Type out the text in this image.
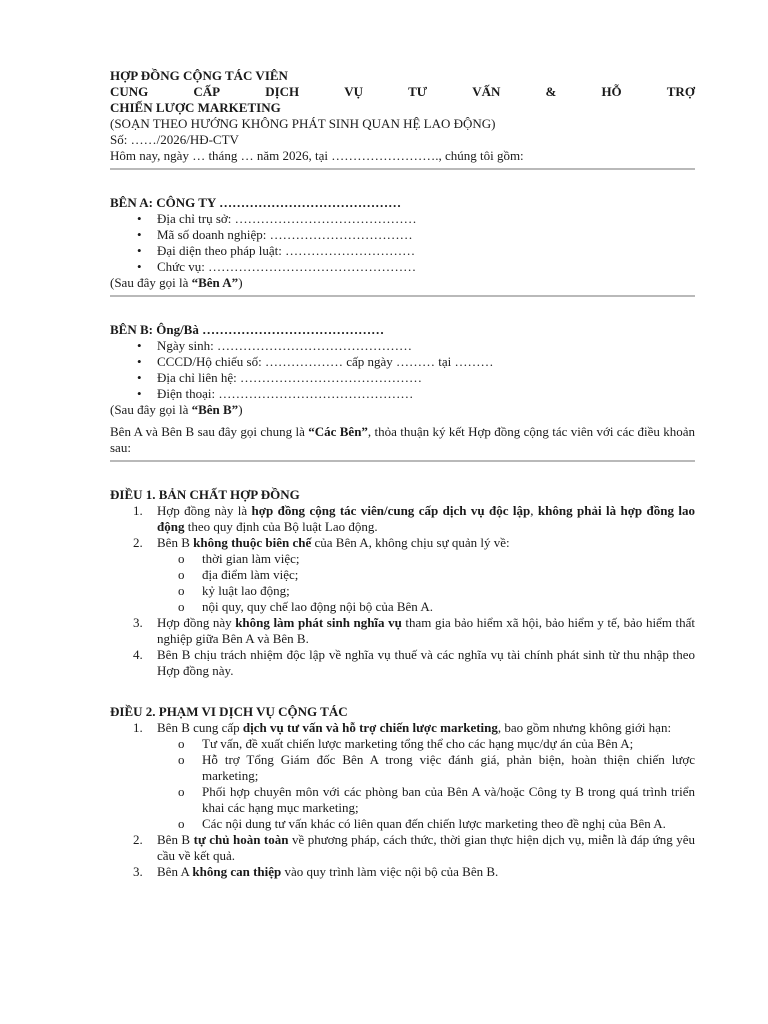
HỢP ĐỒNG CỘNG TÁC VIÊN
CUNG	CẤP	DỊCH	VỤ	TƯ	VẤN	&	HỖ	TRỢ
CHIẾN LƯỢC MARKETING
(SOẠN THEO HƯỚNG KHÔNG PHÁT SINH QUAN HỆ LAO ĐỘNG)
Số: ……/2026/HĐ-CTV
Hôm nay, ngày … tháng … năm 2026, tại ……………………., chúng tôi gồm:
BÊN A: CÔNG TY ……………………………………
• Địa chỉ trụ sở: ……………………………………
• Mã số doanh nghiệp: ……………………………
• Đại diện theo pháp luật: …………………………
• Chức vụ: …………………………………………
(Sau đây gọi là “Bên A”)
BÊN B: Ông/Bà ……………………………………
• Ngày sinh: ………………………………………
• CCCD/Hộ chiếu số: ……………… cấp ngày ……… tại ………
• Địa chỉ liên hệ: ……………………………………
• Điện thoại: ………………………………………
(Sau đây gọi là “Bên B”)
Bên A và Bên B sau đây gọi chung là “Các Bên”, thỏa thuận ký kết Hợp đồng cộng tác viên với các điều khoản sau:
ĐIỀU 1. BẢN CHẤT HỢP ĐỒNG
1. Hợp đồng này là hợp đồng cộng tác viên/cung cấp dịch vụ độc lập, không phải là hợp đồng lao động theo quy định của Bộ luật Lao động.
2. Bên B không thuộc biên chế của Bên A, không chịu sự quản lý về:
o thời gian làm việc;
o địa điểm làm việc;
o kỷ luật lao động;
o nội quy, quy chế lao động nội bộ của Bên A.
3. Hợp đồng này không làm phát sinh nghĩa vụ tham gia bảo hiểm xã hội, bảo hiểm y tế, bảo hiểm thất nghiệp giữa Bên A và Bên B.
4. Bên B chịu trách nhiệm độc lập về nghĩa vụ thuế và các nghĩa vụ tài chính phát sinh từ thu nhập theo Hợp đồng này.
ĐIỀU 2. PHẠM VI DỊCH VỤ CỘNG TÁC
1. Bên B cung cấp dịch vụ tư vấn và hỗ trợ chiến lược marketing, bao gồm nhưng không giới hạn:
o Tư vấn, đề xuất chiến lược marketing tổng thể cho các hạng mục/dự án của Bên A;
o Hỗ trợ Tổng Giám đốc Bên A trong việc đánh giá, phản biện, hoàn thiện chiến lược marketing;
o Phối hợp chuyên môn với các phòng ban của Bên A và/hoặc Công ty B trong quá trình triển khai các hạng mục marketing;
o Các nội dung tư vấn khác có liên quan đến chiến lược marketing theo đề nghị của Bên A.
2. Bên B tự chủ hoàn toàn về phương pháp, cách thức, thời gian thực hiện dịch vụ, miễn là đáp ứng yêu cầu về kết quả.
3. Bên A không can thiệp vào quy trình làm việc nội bộ của Bên B.
